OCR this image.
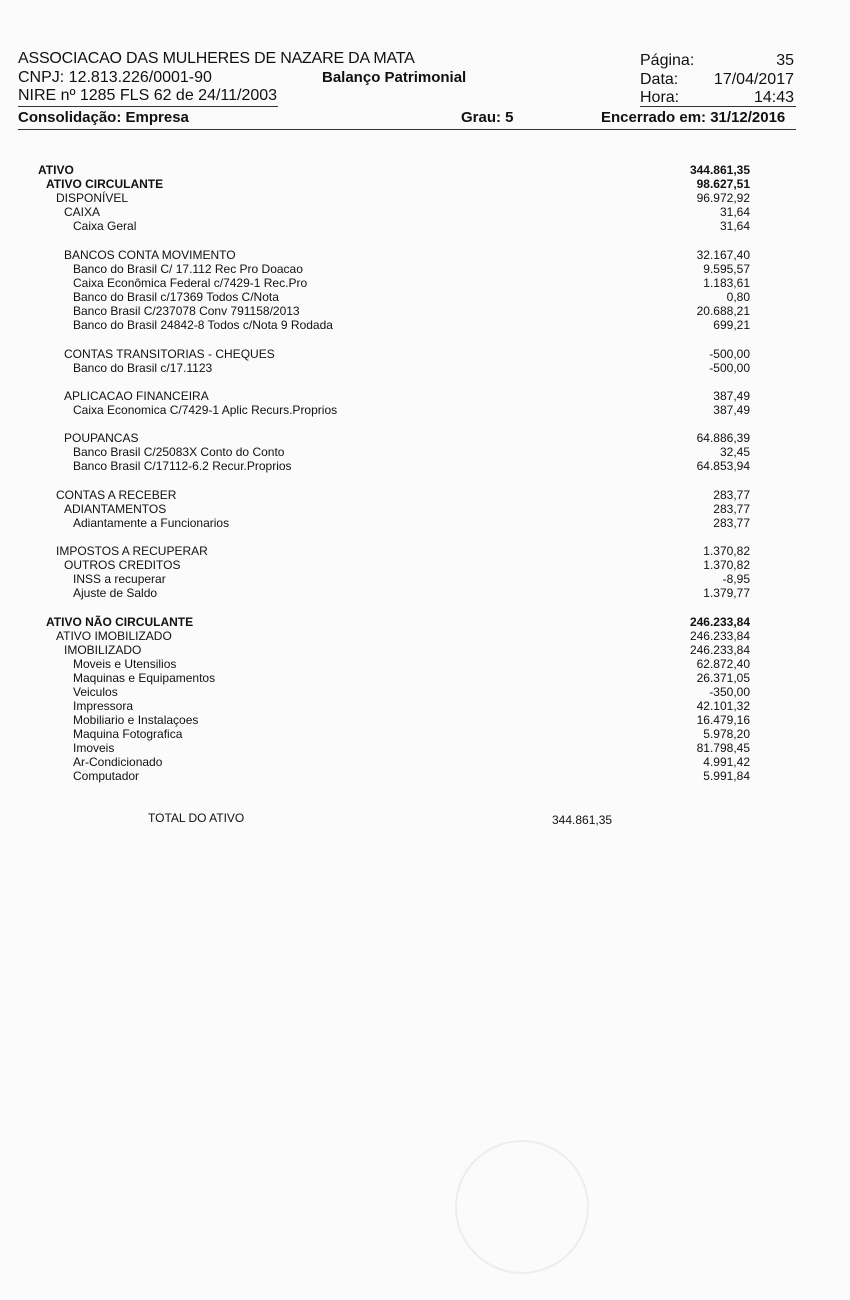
ASSOCIACAO DAS MULHERES DE NAZARE DA MATA
CNPJ: 12.813.226/0001-90
NIRE nº 1285 FLS 62 de 24/11/2003
Balanço Patrimonial
Página:	35
Data: 17/04/2017
Hora:	14:43
Consolidação: Empresa	Grau: 5	Encerrado em: 31/12/2016
ATIVO	344.861,35
ATIVO CIRCULANTE	98.627,51
DISPONÍVEL	96.972,92
CAIXA	31,64
Caixa Geral	31,64
BANCOS CONTA MOVIMENTO	32.167,40
Banco do Brasil C/ 17.112 Rec Pro Doacao	9.595,57
Caixa Econômica Federal c/7429-1 Rec.Pro	1.183,61
Banco do Brasil c/17369 Todos C/Nota	0,80
Banco Brasil C/237078 Conv 791158/2013	20.688,21
Banco do Brasil 24842-8 Todos c/Nota 9 Rodada	699,21
CONTAS TRANSITORIAS - CHEQUES	-500,00
Banco do Brasil c/17.1123	-500,00
APLICACAO FINANCEIRA	387,49
Caixa Economica C/7429-1 Aplic Recurs.Proprios	387,49
POUPANCAS	64.886,39
Banco Brasil C/25083X Conto do Conto	32,45
Banco Brasil C/17112-6.2 Recur.Proprios	64.853,94
CONTAS A RECEBER	283,77
ADIANTAMENTOS	283,77
Adiantamente a Funcionarios	283,77
IMPOSTOS A RECUPERAR	1.370,82
OUTROS CREDITOS	1.370,82
INSS a recuperar	-8,95
Ajuste de Saldo	1.379,77
ATIVO NÃO CIRCULANTE	246.233,84
ATIVO IMOBILIZADO	246.233,84
IMOBILIZADO	246.233,84
Moveis e Utensilios	62.872,40
Maquinas e Equipamentos	26.371,05
Veiculos	-350,00
Impressora	42.101,32
Mobiliario e Instalaçoes	16.479,16
Maquina Fotografica	5.978,20
Imoveis	81.798,45
Ar-Condicionado	4.991,42
Computador	5.991,84
TOTAL DO ATIVO	344.861,35
